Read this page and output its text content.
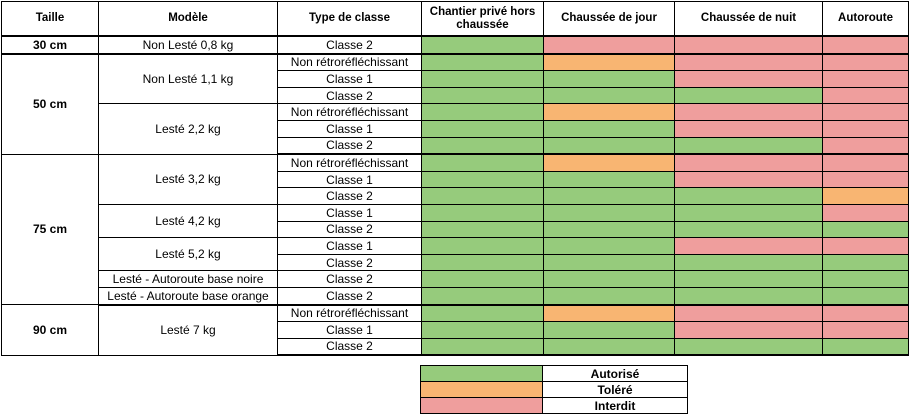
Taille	Modèle	Type de classe	Chantier privé hors chaussée	Chaussée de jour	Chaussée de nuit	Autoroute
30 cm	Non Lesté 0,8 kg	Classe 2				
50 cm	Non Lesté 1,1 kg	Non rétroréfléchissant				
		Classe 1				
		Classe 2				
	Lesté 2,2 kg	Non rétroréfléchissant				
		Classe 1				
		Classe 2				
75 cm	Lesté 3,2 kg	Non rétroréfléchissant				
		Classe 1				
		Classe 2				
	Lesté 4,2 kg	Classe 1				
		Classe 2				
	Lesté 5,2 kg	Classe 1				
		Classe 2				
	Lesté - Autoroute base noire	Classe 2				
	Lesté - Autoroute base orange	Classe 2				
90 cm	Lesté 7 kg	Non rétroréfléchissant				
		Classe 1				
		Classe 2				
	Autorisé
	Toléré
	Interdit
